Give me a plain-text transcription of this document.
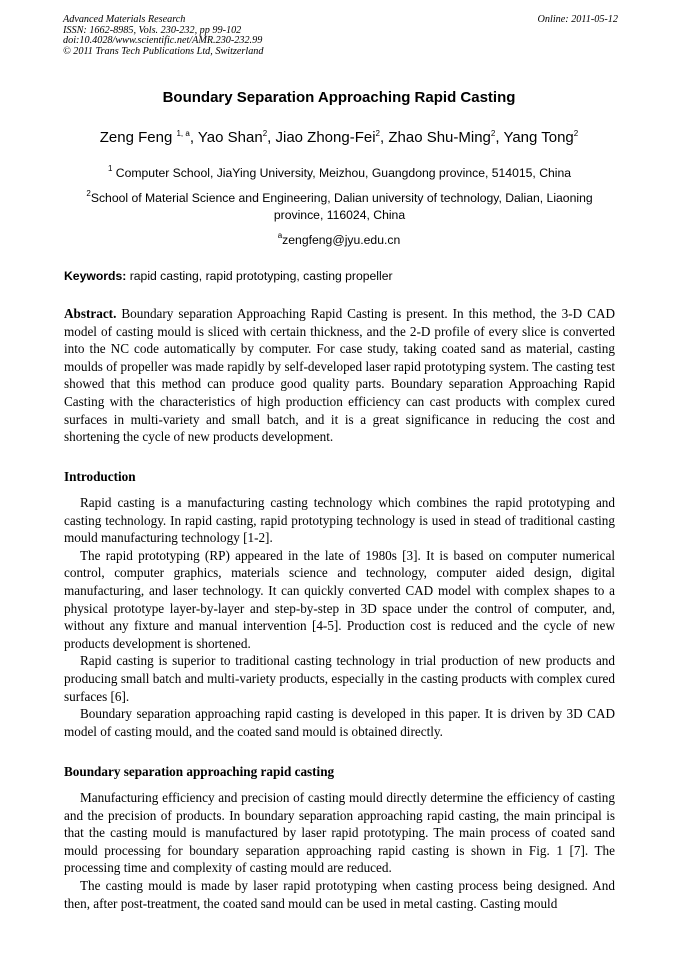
Advanced Materials Research
ISSN: 1662-8985, Vols. 230-232, pp 99-102
doi:10.4028/www.scientific.net/AMR.230-232.99
© 2011 Trans Tech Publications Ltd, Switzerland
Online: 2011-05-12
Boundary Separation Approaching Rapid Casting
Zeng Feng $^{1, a}$, Yao Shan$^2$, Jiao Zhong-Fei$^2$, Zhao Shu-Ming$^2$, Yang Tong$^2$
$^1$ Computer School, JiaYing University, Meizhou, Guangdong province, 514015, China
$^2$School of Material Science and Engineering, Dalian university of technology, Dalian, Liaoning province, 116024, China
$^a$zengfeng@jyu.edu.cn
Keywords: rapid casting, rapid prototyping, casting propeller
Abstract. Boundary separation Approaching Rapid Casting is present. In this method, the 3-D CAD model of casting mould is sliced with certain thickness, and the 2-D profile of every slice is converted into the NC code automatically by computer. For case study, taking coated sand as material, casting moulds of propeller was made rapidly by self-developed laser rapid prototyping system. The casting test showed that this method can produce good quality parts. Boundary separation Approaching Rapid Casting with the characteristics of high production efficiency can cast products with complex cured surfaces in multi-variety and small batch, and it is a great significance in reducing the cost and shortening the cycle of new products development.
Introduction

Rapid casting is a manufacturing casting technology which combines the rapid prototyping and casting technology. In rapid casting, rapid prototyping technology is used in stead of traditional casting mould manufacturing technology [1-2].

The rapid prototyping (RP) appeared in the late of 1980s [3]. It is based on computer numerical control, computer graphics, materials science and technology, computer aided design, digital manufacturing, and laser technology. It can quickly converted CAD model with complex shapes to a physical prototype layer-by-layer and step-by-step in 3D space under the control of computer, and, without any fixture and manual intervention [4-5]. Production cost is reduced and the cycle of new products development is shortened.

Rapid casting is superior to traditional casting technology in trial production of new products and producing small batch and multi-variety products, especially in the casting products with complex cured surfaces [6].

Boundary separation approaching rapid casting is developed in this paper. It is driven by 3D CAD model of casting mould, and the coated sand mould is obtained directly.

Boundary separation approaching rapid casting

Manufacturing efficiency and precision of casting mould directly determine the efficiency of casting and the precision of products. In boundary separation approaching rapid casting, the main principal is that the casting mould is manufactured by laser rapid prototyping. The main process of coated sand mould processing for boundary separation approaching rapid casting is shown in Fig. 1 [7]. The processing time and complexity of casting mould are reduced.

The casting mould is made by laser rapid prototyping when casting process being designed. And then, after post-treatment, the coated sand mould can be used in metal casting. Casting mould
